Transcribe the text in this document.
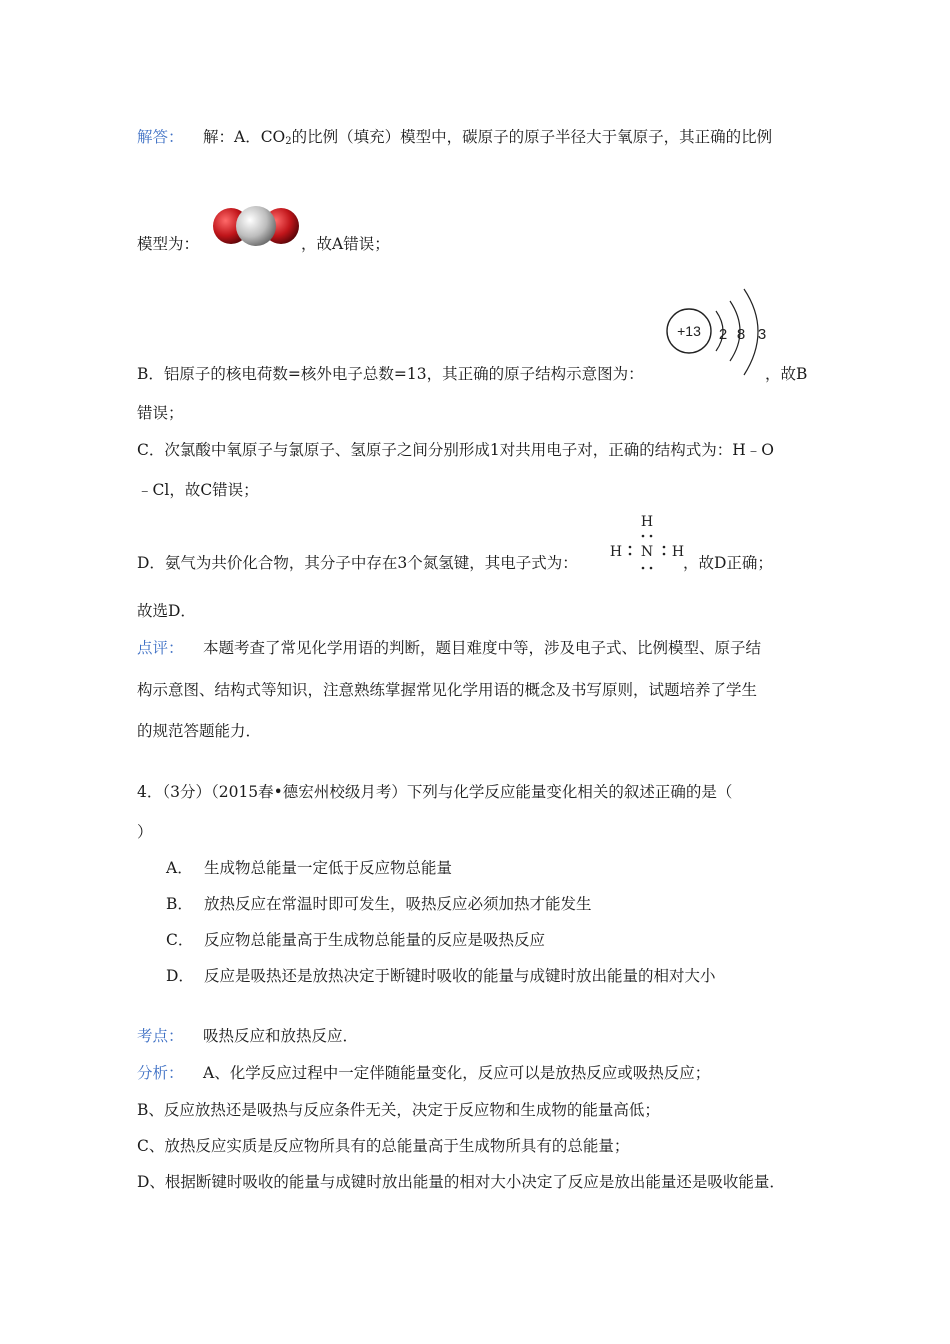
解答： 解：A．$CO_2$的比例（填充）模型中，碳原子的原子半径大于氧原子，其正确的比例
模型为：	，故A错误；
B．铝原子的核电荷数=核外电子总数=13，其正确的原子结构示意图为：
+13 2 8 3
，故B
错误；
C．次氯酸中氧原子与氯原子、氢原子之间分别形成1对共用电子对，正确的结构式为：H﹣O
﹣Cl，故C错误；
D．氨气为共价化合物，其分子中存在3个氮氢键，其电子式为：
H
H N H
，故D正确；
故选D．
点评： 本题考查了常见化学用语的判断，题目难度中等，涉及电子式、比例模型、原子结
构示意图、结构式等知识，注意熟练掌握常见化学用语的概念及书写原则，试题培养了学生
的规范答题能力．
4．（3分）（2015春•德宏州校级月考）下列与化学反应能量变化相关的叙述正确的是（
）
A． 生成物总能量一定低于反应物总能量
B． 放热反应在常温时即可发生，吸热反应必须加热才能发生
C． 反应物总能量高于生成物总能量的反应是吸热反应
D． 反应是吸热还是放热决定于断键时吸收的能量与成键时放出能量的相对大小
考点： 吸热反应和放热反应．
分析： A、化学反应过程中一定伴随能量变化，反应可以是放热反应或吸热反应；
B、反应放热还是吸热与反应条件无关，决定于反应物和生成物的能量高低；
C、放热反应实质是反应物所具有的总能量高于生成物所具有的总能量；
D、根据断键时吸收的能量与成键时放出能量的相对大小决定了反应是放出能量还是吸收能量．
